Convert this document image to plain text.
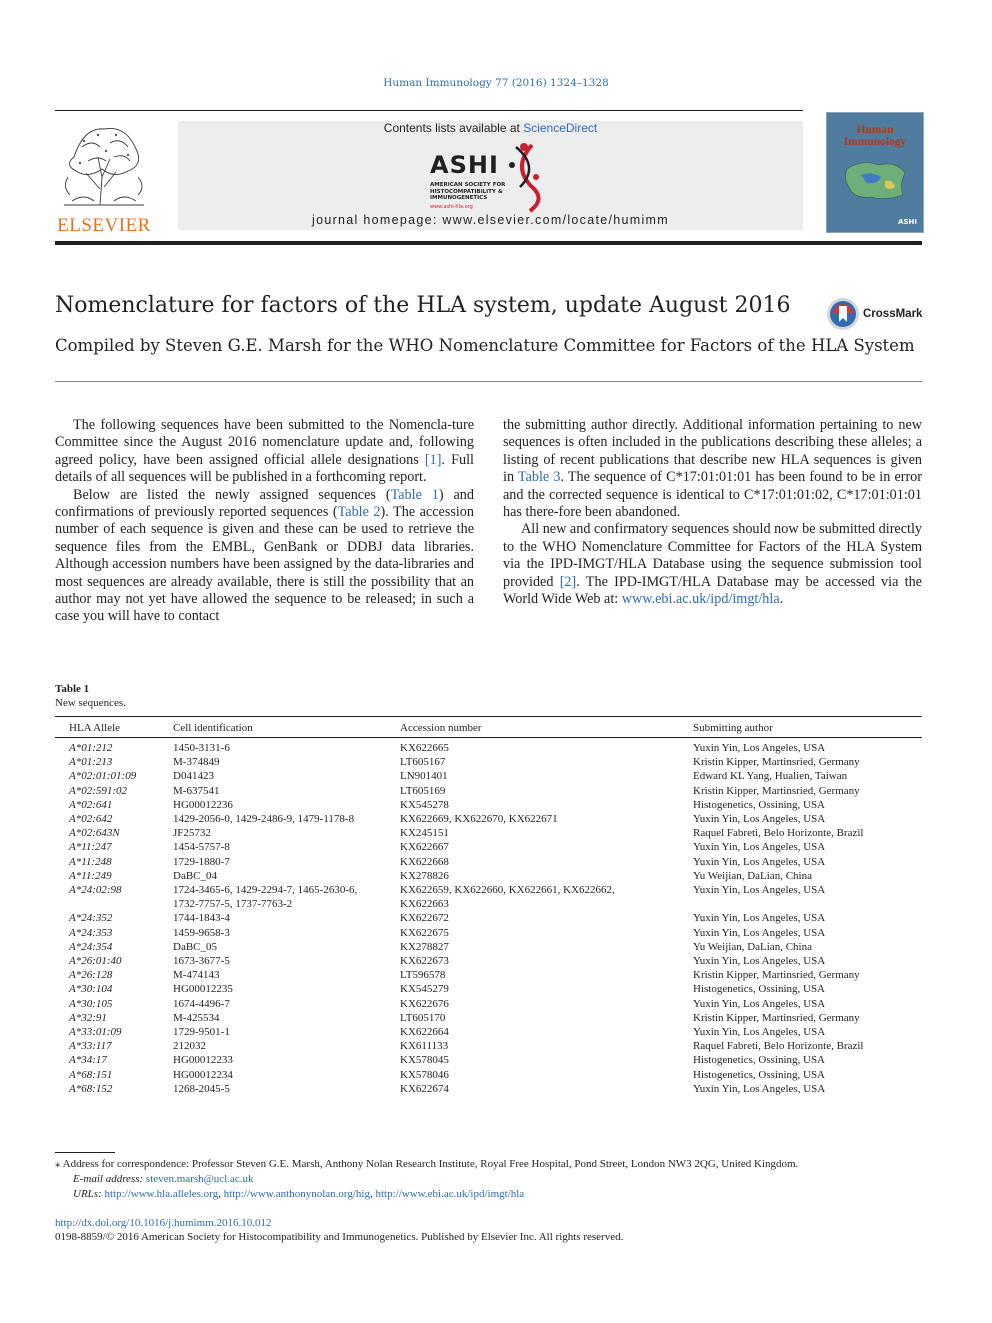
Human Immunology 77 (2016) 1324–1328
ELSEVIER
Contents lists available at ScienceDirect
ASHI
AMERICAN SOCIETY FOR HISTOCOMPATIBILITY & IMMUNOGENETICS
www.ashi-hla.org
journal homepage: www.elsevier.com/locate/humimm
Human
Immunology
ASHI
Nomenclature for factors of the HLA system, update August 2016	CrossMark
Compiled by Steven G.E. Marsh for the WHO Nomenclature Committee for Factors of the HLA System

The following sequences have been submitted to the Nomencla-ture Committee since the August 2016 nomenclature update and, following agreed policy, have been assigned official allele designations [1]. Full details of all sequences will be published in a forthcoming report.

Below are listed the newly assigned sequences (Table 1) and confirmations of previously reported sequences (Table 2). The accession number of each sequence is given and these can be used to retrieve the sequence files from the EMBL, GenBank or DDBJ data libraries. Although accession numbers have been assigned by the data-libraries and most sequences are already available, there is still the possibility that an author may not yet have allowed the sequence to be released; in such a case you will have to contact

the submitting author directly. Additional information pertaining to new sequences is often included in the publications describing these alleles; a listing of recent publications that describe new HLA sequences is given in Table 3. The sequence of C*17:01:01:01 has been found to be in error and the corrected sequence is identical to C*17:01:01:02, C*17:01:01:01 has there-fore been abandoned.

All new and confirmatory sequences should now be submitted directly to the WHO Nomenclature Committee for Factors of the HLA System via the IPD-IMGT/HLA Database using the sequence submission tool provided [2]. The IPD-IMGT/HLA Database may be accessed via the World Wide Web at: www.ebi.ac.uk/ipd/imgt/hla.

Table 1
New sequences.
HLA Allele	Cell identification	Accession number	Submitting author
A*01:212	1450-3131-6	KX622665	Yuxin Yin, Los Angeles, USA
A*01:213	M-374849	LT605167	Kristin Kipper, Martinsried, Germany
A*02:01:01:09	D041423	LN901401	Edward KL Yang, Hualien, Taiwan
A*02:591:02	M-637541	LT605169	Kristin Kipper, Martinsried, Germany
A*02:641	HG00012236	KX545278	Histogenetics, Ossining, USA
A*02:642	1429-2056-0, 1429-2486-9, 1479-1178-8	KX622669, KX622670, KX622671	Yuxin Yin, Los Angeles, USA
A*02:643N	JF25732	KX245151	Raquel Fabreti, Belo Horizonte, Brazil
A*11:247	1454-5757-8	KX622667	Yuxin Yin, Los Angeles, USA
A*11:248	1729-1880-7	KX622668	Yuxin Yin, Los Angeles, USA
A*11:249	DaBC_04	KX278826	Yu Weijian, DaLian, China
A*24:02:98	1724-3465-6, 1429-2294-7, 1465-2630-6,	KX622659, KX622660, KX622661, KX622662,	Yuxin Yin, Los Angeles, USA
1732-7757-5, 1737-7763-2	KX622663
A*24:352	1744-1843-4	KX622672	Yuxin Yin, Los Angeles, USA
A*24:353	1459-9658-3	KX622675	Yuxin Yin, Los Angeles, USA
A*24:354	DaBC_05	KX278827	Yu Weijian, DaLian, China
A*26:01:40	1673-3677-5	KX622673	Yuxin Yin, Los Angeles, USA
A*26:128	M-474143	LT596578	Kristin Kipper, Martinsried, Germany
A*30:104	HG00012235	KX545279	Histogenetics, Ossining, USA
A*30:105	1674-4496-7	KX622676	Yuxin Yin, Los Angeles, USA
A*32:91	M-425534	LT605170	Kristin Kipper, Martinsried, Germany
A*33:01:09	1729-9501-1	KX622664	Yuxin Yin, Los Angeles, USA
A*33:117	212032	KX611133	Raquel Fabreti, Belo Horizonte, Brazil
A*34:17	HG00012233	KX578045	Histogenetics, Ossining, USA
A*68:151	HG00012234	KX578046	Histogenetics, Ossining, USA
A*68:152	1268-2045-5	KX622674	Yuxin Yin, Los Angeles, USA
⁎ Address for correspondence: Professor Steven G.E. Marsh, Anthony Nolan Research Institute, Royal Free Hospital, Pond Street, London NW3 2QG, United Kingdom.
E-mail address: steven.marsh@ucl.ac.uk
URLs: http://www.hla.alleles.org, http://www.anthonynolan.org/hig, http://www.ebi.ac.uk/ipd/imgt/hla
http://dx.doi.org/10.1016/j.humimm.2016.10.012
0198-8859/© 2016 American Society for Histocompatibility and Immunogenetics. Published by Elsevier Inc. All rights reserved.
